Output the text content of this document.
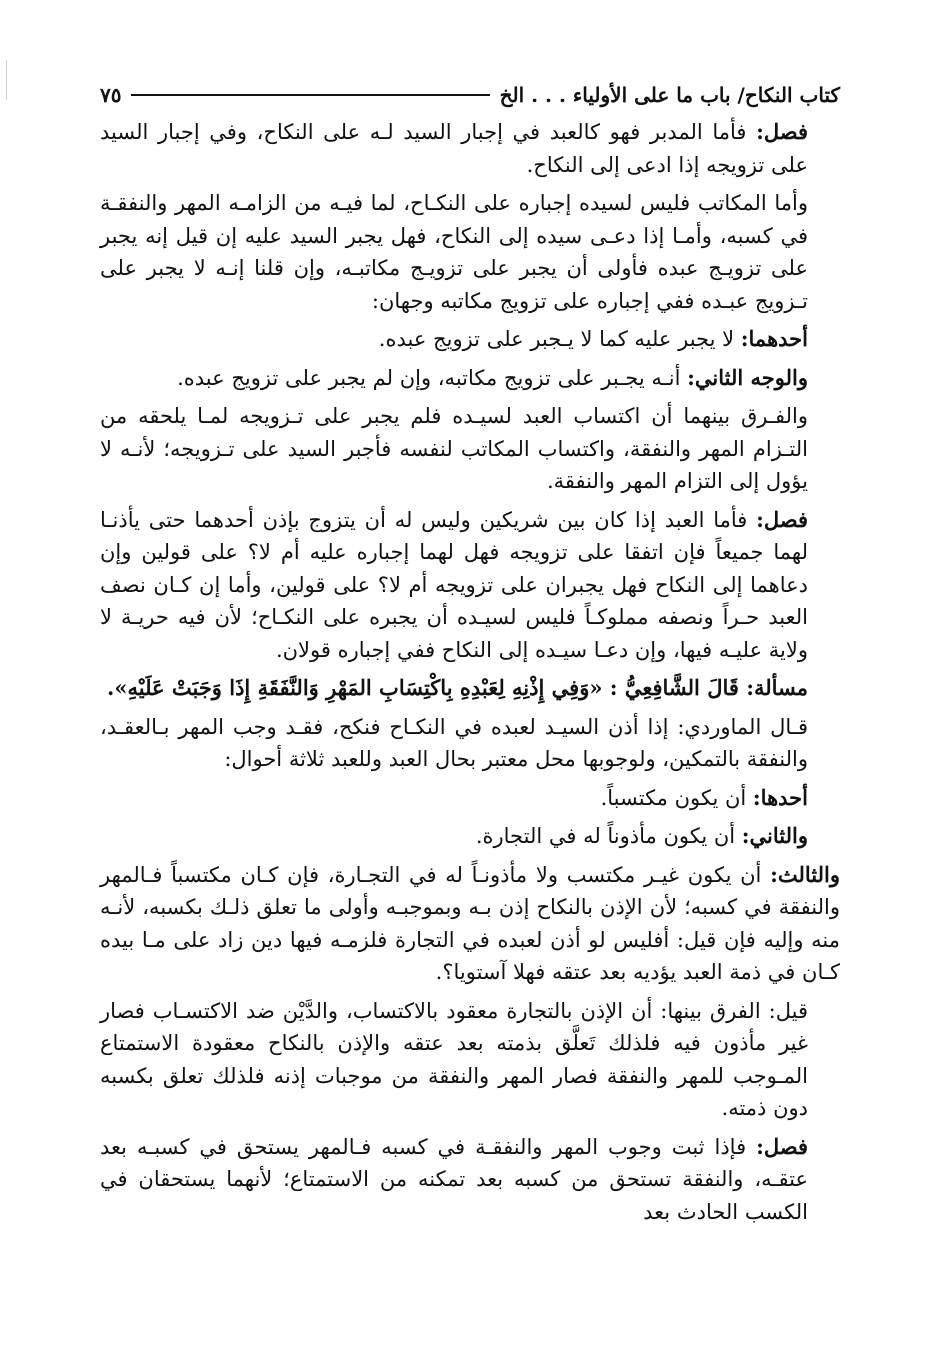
كتاب النكاح/ باب ما على الأولياء . . . الخ
٧٥

فصل: فأما المدبر فهو كالعبد في إجبار السيد لـه على النكاح، وفي إجبار السيد على تزويجه إذا ادعى إلى النكاح.

وأما المكاتب فليس لسيده إجباره على النكـاح، لما فيـه من الزامـه المهر والنفقـة في كسبه، وأمـا إذا دعـى سيده إلى النكاح، فهل يجبر السيد عليه إن قيل إنه يجبر على تزويـج عبده فأولى أن يجبر على تزويـج مكاتبـه، وإن قلنا إنـه لا يجبر على تـزويج عبـده ففي إجباره على تزويج مكاتبه وجهان:

أحدهما: لا يجبر عليه كما لا يـجبر على تزويج عبده.

والوجه الثاني: أنـه يجـبر على تزويج مكاتبه، وإن لم يجبر على تزويج عبده.

والفـرق بينهما أن اكتساب العبد لسيـده فلم يجبر على تـزويجه لمـا يلحقه من التـزام المهر والنفقة، واكتساب المكاتب لنفسه فأجبر السيد على تـزويجه؛ لأنـه لا يؤول إلى التزام المهر والنفقة.

فصل: فأما العبد إذا كان بين شريكين وليس له أن يتزوج بإذن أحدهما حتى يأذنـا لهما جميعاً فإن اتفقا على تزويجه فهل لهما إجباره عليه أم لا؟ على قولين وإن دعاهما إلى النكاح فهل يجبران على تزويجه أم لا؟ على قولين، وأما إن كـان نصف العبد حـراً ونصفه مملوكـاً فليس لسيـده أن يجبره على النكـاح؛ لأن فيه حريـة لا ولاية عليـه فيها، وإن دعـا سيـده إلى النكاح ففي إجباره قولان.

مسألة: قَالَ الشَّافِعِيُّ : «وَفِي إِذْنِهِ لِعَبْدِهِ بِاكْتِسَابِ المَهْرِ وَالنَّفَقَةِ إِذَا وَجَبَتْ عَلَيْهِ».

قـال الماوردي: إذا أذن السيـد لعبده في النكـاح فنكح، فقـد وجب المهر بـالعقـد، والنفقة بالتمكين، ولوجوبها محل معتبر بحال العبد وللعبد ثلاثة أحوال:

أحدها: أن يكون مكتسباً.

والثاني: أن يكون مأذوناً له في التجارة.

والثالث: أن يكون غيـر مكتسب ولا مأذونـاً له في التجـارة، فإن كـان مكتسباً فـالمهر والنفقة في كسبه؛ لأن الإذن بالنكاح إذن بـه وبموجبـه وأولى ما تعلق ذلـك بكسبه، لأنـه منه وإليه فإن قيل: أفليس لو أذن لعبده في التجارة فلزمـه فيها دين زاد على مـا بيده كـان في ذمة العبد يؤديه بعد عتقه فهلا آستويا؟.

قيل: الفرق بينها: أن الإذن بالتجارة معقود بالاكتساب، والدَّيْن ضد الاكتسـاب فصار غير مأذون فيه فلذلك تَعلَّق بذمته بعد عتقه والإذن بالنكاح معقودة الاستمتاع المـوجب للمهر والنفقة فصار المهر والنفقة من موجبات إذنه فلذلك تعلق بكسبه دون ذمته.

فصل: فإذا ثبت وجوب المهر والنفقـة في كسبه فـالمهر يستحق في كسبـه بعد عتقـه، والنفقة تستحق من كسبه بعد تمكنه من الاستمتاع؛ لأنهما يستحقان في الكسب الحادث بعد
